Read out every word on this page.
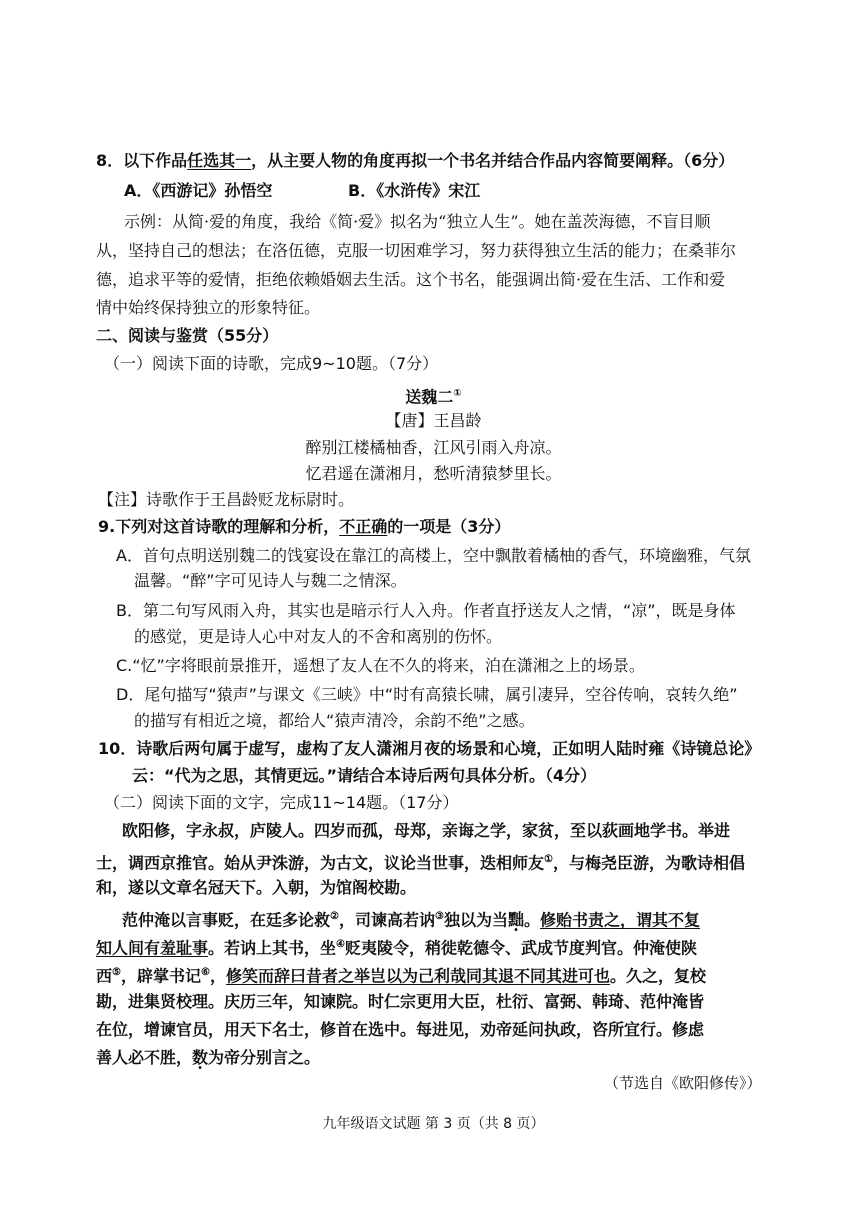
8．以下作品任选其一，从主要人物的角度再拟一个书名并结合作品内容简要阐释。（6分）
A．《西游记》孙悟空	B．《水浒传》宋江
示例：从简·爱的角度，我给《简·爱》拟名为“独立人生”。她在盖茨海德，不盲目顺
从，坚持自己的想法；在洛伍德，克服一切困难学习，努力获得独立生活的能力；在桑菲尔
德，追求平等的爱情，拒绝依赖婚姻去生活。这个书名，能强调出简·爱在生活、工作和爱
情中始终保持独立的形象特征。
二、阅读与鉴赏（55分）
（一）阅读下面的诗歌，完成9~10题。（7分）
送魏二①
【唐】王昌龄
醉别江楼橘柚香，江风引雨入舟凉。
忆君遥在潇湘月，愁听清猿梦里长。
【注】诗歌作于王昌龄贬龙标尉时。
9.下列对这首诗歌的理解和分析，不正确的一项是（3分）
A．首句点明送别魏二的饯宴设在靠江的高楼上，空中飘散着橘柚的香气，环境幽雅，气氛
温馨。“醉”字可见诗人与魏二之情深。
B．第二句写风雨入舟，其实也是暗示行人入舟。作者直抒送友人之情，“凉”，既是身体
的感觉，更是诗人心中对友人的不舍和离别的伤怀。
C.“忆”字将眼前景推开，遥想了友人在不久的将来，泊在潇湘之上的场景。
D．尾句描写“猿声”与课文《三峡》中“时有高猿长啸，属引凄异，空谷传响，哀转久绝”
的描写有相近之境，都给人“猿声清冷，余韵不绝”之感。
10．诗歌后两句属于虚写，虚构了友人潇湘月夜的场景和心境，正如明人陆时雍《诗镜总论》
云：“代为之思，其情更远。”请结合本诗后两句具体分析。（4分）
（二）阅读下面的文字，完成11~14题。（17分）
欧阳修，字永叔，庐陵人。四岁而孤，母郑，亲诲之学，家贫，至以荻画地学书。举进
士，调西京推官。始从尹洙游，为古文，议论当世事，迭相师友①，与梅尧臣游，为歌诗相倡
和，遂以文章名冠天下。入朝，为馆阁校勘。
范仲淹以言事贬，在廷多论救②，司谏高若讷③独以为当黜。修贻书责之，谓其不复
知人间有羞耻事。若讷上其书，坐④贬夷陵令，稍徙乾德令、武成节度判官。仲淹使陕
西⑤，辟掌书记⑥，修笑而辞曰昔者之举岂以为己利哉同其退不同其进可也。久之，复校
勘，进集贤校理。庆历三年，知谏院。时仁宗更用大臣，杜衍、富弼、韩琦、范仲淹皆
在位，增谏官员，用天下名士，修首在选中。每进见，劝帝延问执政，咨所宜行。修虑
善人必不胜，数为帝分别言之。
（节选自《欧阳修传》）
九年级语文试题 第 3 页（共 8 页）
